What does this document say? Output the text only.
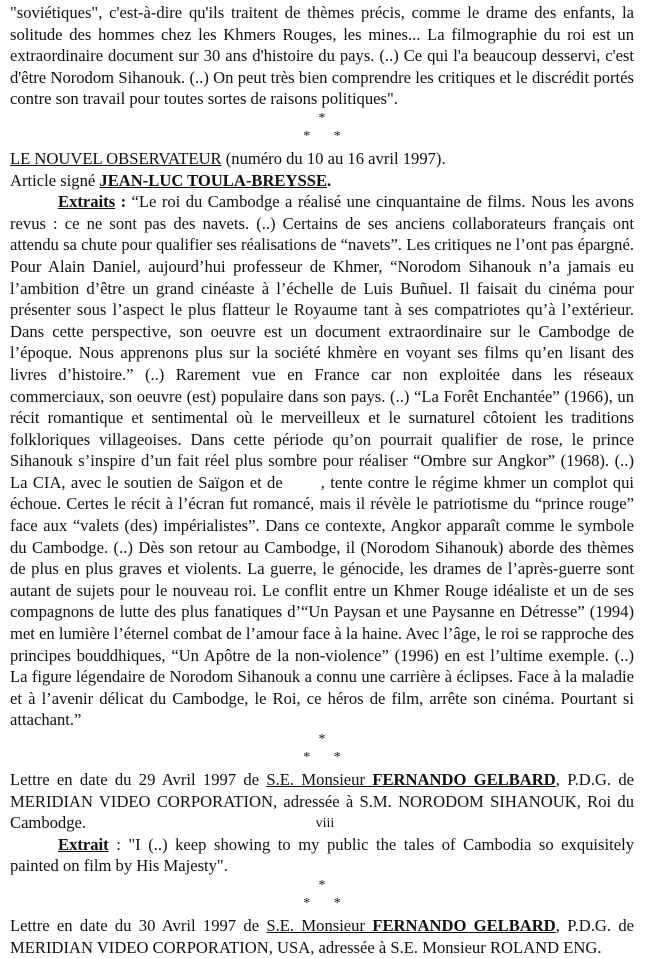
"soviétiques", c'est-à-dire qu'ils traitent de thèmes précis, comme le drame des enfants, la solitude des hommes chez les Khmers Rouges, les mines... La filmographie du roi est un extraordinaire document sur 30 ans d'histoire du pays. (..) Ce qui l'a beaucoup desservi, c'est d'être Norodom Sihanouk. (..) On peut très bien comprendre les critiques et le discrédit portés contre son travail pour toutes sortes de raisons politiques".

*
* *

LE NOUVEL OBSERVATEUR (numéro du 10 au 16 avril 1997).

Article signé JEAN-LUC TOULA-BREYSSE.

Extraits : “Le roi du Cambodge a réalisé une cinquantaine de films. Nous les avons revus : ce ne sont pas des navets. (..) Certains de ses anciens collaborateurs français ont attendu sa chute pour qualifier ses réalisations de “navets”. Les critiques ne l’ont pas épargné. Pour Alain Daniel, aujourd’hui professeur de Khmer, “Norodom Sihanouk n’a jamais eu l’ambition d’être un grand cinéaste à l’échelle de Luis Buñuel. Il faisait du cinéma pour présenter sous l’aspect le plus flatteur le Royaume tant à ses compatriotes qu’à l’extérieur. Dans cette perspective, son oeuvre est un document extraordinaire sur le Cambodge de l’époque. Nous apprenons plus sur la société khmère en voyant ses films qu’en lisant des livres d’histoire.” (..) Rarement vue en France car non exploitée dans les réseaux commerciaux, son oeuvre (est) populaire dans son pays. (..) “La Forêt Enchantée” (1966), un récit romantique et sentimental où le merveilleux et le surnaturel côtoient les traditions folkloriques villageoises. Dans cette période qu’on pourrait qualifier de rose, le prince Sihanouk s’inspire d’un fait réel plus sombre pour réaliser “Ombre sur Angkor” (1968). (..) La CIA, avec le soutien de Saïgon et de , tente contre le régime khmer un complot qui échoue. Certes le récit à l’écran fut romancé, mais il révèle le patriotisme du “prince rouge” face aux “valets (des) impérialistes”. Dans ce contexte, Angkor apparaît comme le symbole du Cambodge. (..) Dès son retour au Cambodge, il (Norodom Sihanouk) aborde des thèmes de plus en plus graves et violents. La guerre, le génocide, les drames de l’après-guerre sont autant de sujets pour le nouveau roi. Le conflit entre un Khmer Rouge idéaliste et un de ses compagnons de lutte des plus fanatiques d’“Un Paysan et une Paysanne en Détresse” (1994) met en lumière l’éternel combat de l’amour face à la haine. Avec l’âge, le roi se rapproche des principes bouddhiques, “Un Apôtre de la non-violence” (1996) en est l’ultime exemple. (..) La figure légendaire de Norodom Sihanouk a connu une carrière à éclipses. Face à la maladie et à l’avenir délicat du Cambodge, le Roi, ce héros de film, arrête son cinéma. Pourtant si attachant.”

*
* *

Lettre en date du 29 Avril 1997 de S.E. Monsieur FERNANDO GELBARD, P.D.G. de MERIDIAN VIDEO CORPORATION, adressée à S.M. NORODOM SIHANOUK, Roi du Cambodge.

Extrait : "I (..) keep showing to my public the tales of Cambodia so exquisitely painted on film by His Majesty".

*
* *

Lettre en date du 30 Avril 1997 de S.E. Monsieur FERNANDO GELBARD, P.D.G. de MERIDIAN VIDEO CORPORATION, USA, adressée à S.E. Monsieur ROLAND ENG.

viii
